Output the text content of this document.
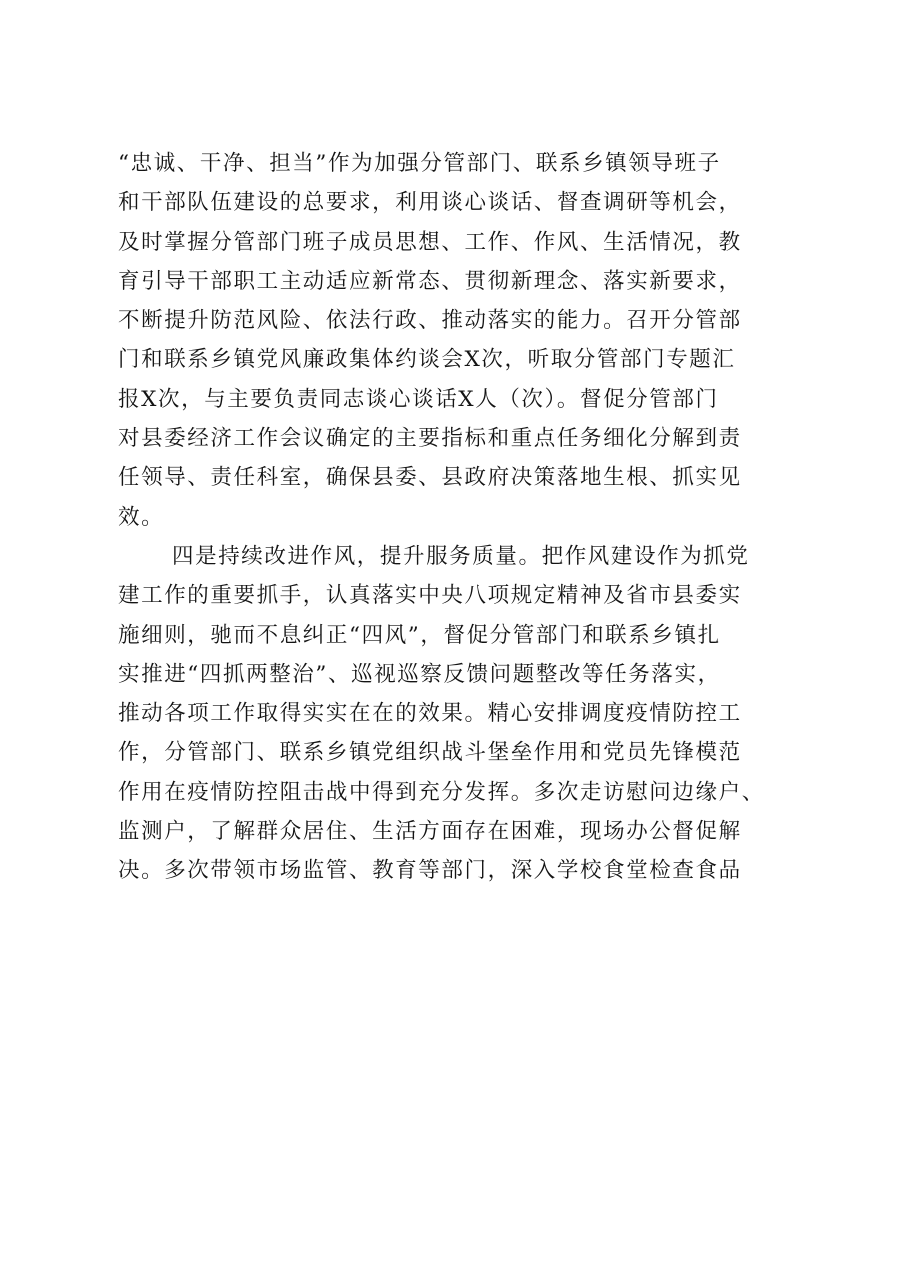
“忠诚、干净、担当”作为加强分管部门、联系乡镇领导班子
和干部队伍建设的总要求，利用谈心谈话、督查调研等机会，
及时掌握分管部门班子成员思想、工作、作风、生活情况，教
育引导干部职工主动适应新常态、贯彻新理念、落实新要求，
不断提升防范风险、依法行政、推动落实的能力。召开分管部
门和联系乡镇党风廉政集体约谈会X次，听取分管部门专题汇
报X次，与主要负责同志谈心谈话X人（次）。督促分管部门
对县委经济工作会议确定的主要指标和重点任务细化分解到责
任领导、责任科室，确保县委、县政府决策落地生根、抓实见
效。
四是持续改进作风，提升服务质量。把作风建设作为抓党
建工作的重要抓手，认真落实中央八项规定精神及省市县委实
施细则，驰而不息纠正“四风”，督促分管部门和联系乡镇扎
实推进“四抓两整治”、巡视巡察反馈问题整改等任务落实，
推动各项工作取得实实在在的效果。精心安排调度疫情防控工
作，分管部门、联系乡镇党组织战斗堡垒作用和党员先锋模范
作用在疫情防控阻击战中得到充分发挥。多次走访慰问边缘户、
监测户，了解群众居住、生活方面存在困难，现场办公督促解
决。多次带领市场监管、教育等部门，深入学校食堂检查食品
